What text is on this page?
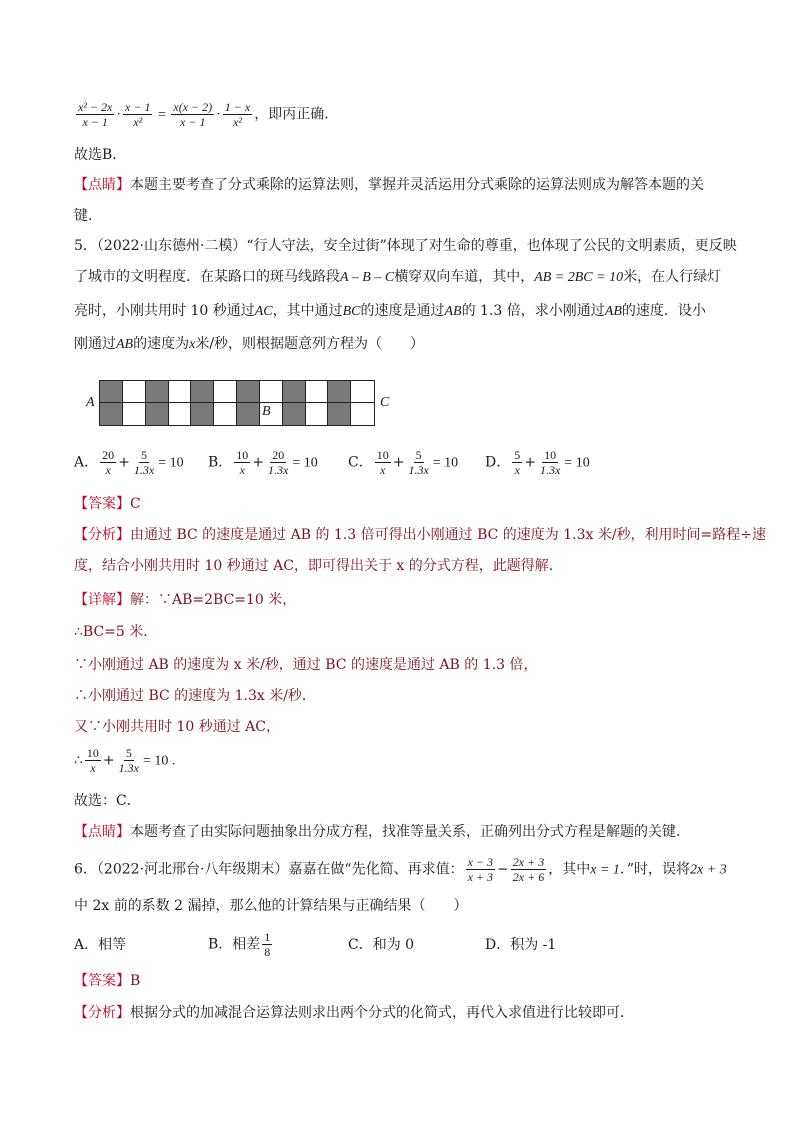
$\frac{\text{x² − 2x}}{x - 1} \cdot \frac{x - 1}{\text{x²}} = \frac{x(x - 2)}{x - 1} \cdot \frac{1 - x}{\text{x²}}$ ，即丙正确．
故选B．
【点睛】本题主要考查了分式乘除的运算法则，掌握并灵活运用分式乘除的运算法则成为解答本题的关
键．
5．（2022·山东德州·二模）“行人守法，安全过街”体现了对生命的尊重，也体现了公民的文明素质，更反映
了城市的文明程度．在某路口的斑马线路段A – B – C横穿双向车道，其中，AB = 2BC = 10米，在人行绿灯
亮时，小刚共用时 10 秒通过AC，其中通过BC的速度是通过AB的 1.3 倍，求小刚通过AB的速度．设小
刚通过AB的速度为x米/秒，则根据题意列方程为（　　）
A
B
C
A． $\frac{20}{x} + \frac{5}{1.3x} = 10$ B． $\frac{10}{x} + \frac{20}{1.3x} = 10$ C． $\frac{10}{x} + \frac{5}{1.3x} = 10$ D． $\frac{5}{x} + \frac{10}{1.3x} = 10$
【答案】C
【分析】由通过 BC 的速度是通过 AB 的 1.3 倍可得出小刚通过 BC 的速度为 1.3x 米/秒，利用时间=路程÷速
度，结合小刚共用时 10 秒通过 AC，即可得出关于 x 的分式方程，此题得解．
【详解】解：∵AB=2BC=10 米，
∴BC=5 米．
∵小刚通过 AB 的速度为 x 米/秒，通过 BC 的速度是通过 AB 的 1.3 倍，
∴小刚通过 BC 的速度为 1.3x 米/秒．
又∵小刚共用时 10 秒通过 AC，
∴ $\frac{10}{x} + \frac{5}{1.3x} = 10$ .
故选：C．
【点睛】本题考查了由实际问题抽象出分成方程，找准等量关系，正确列出分式方程是解题的关键．
6．（2022·河北邢台·八年级期末）嘉嘉在做“先化简、再求值： $\frac{x - 3}{x + 3} - \frac{2x + 3}{2x + 6}$ ，其中x = 1．”时，误将2x + 3
中 2x 前的系数 2 漏掉，那么他的计算结果与正确结果（　　）
A．相等	B．相差 $\frac{1}{8}$	C．和为 0	D．积为 -1
【答案】B
【分析】根据分式的加减混合运算法则求出两个分式的化简式，再代入求值进行比较即可．
